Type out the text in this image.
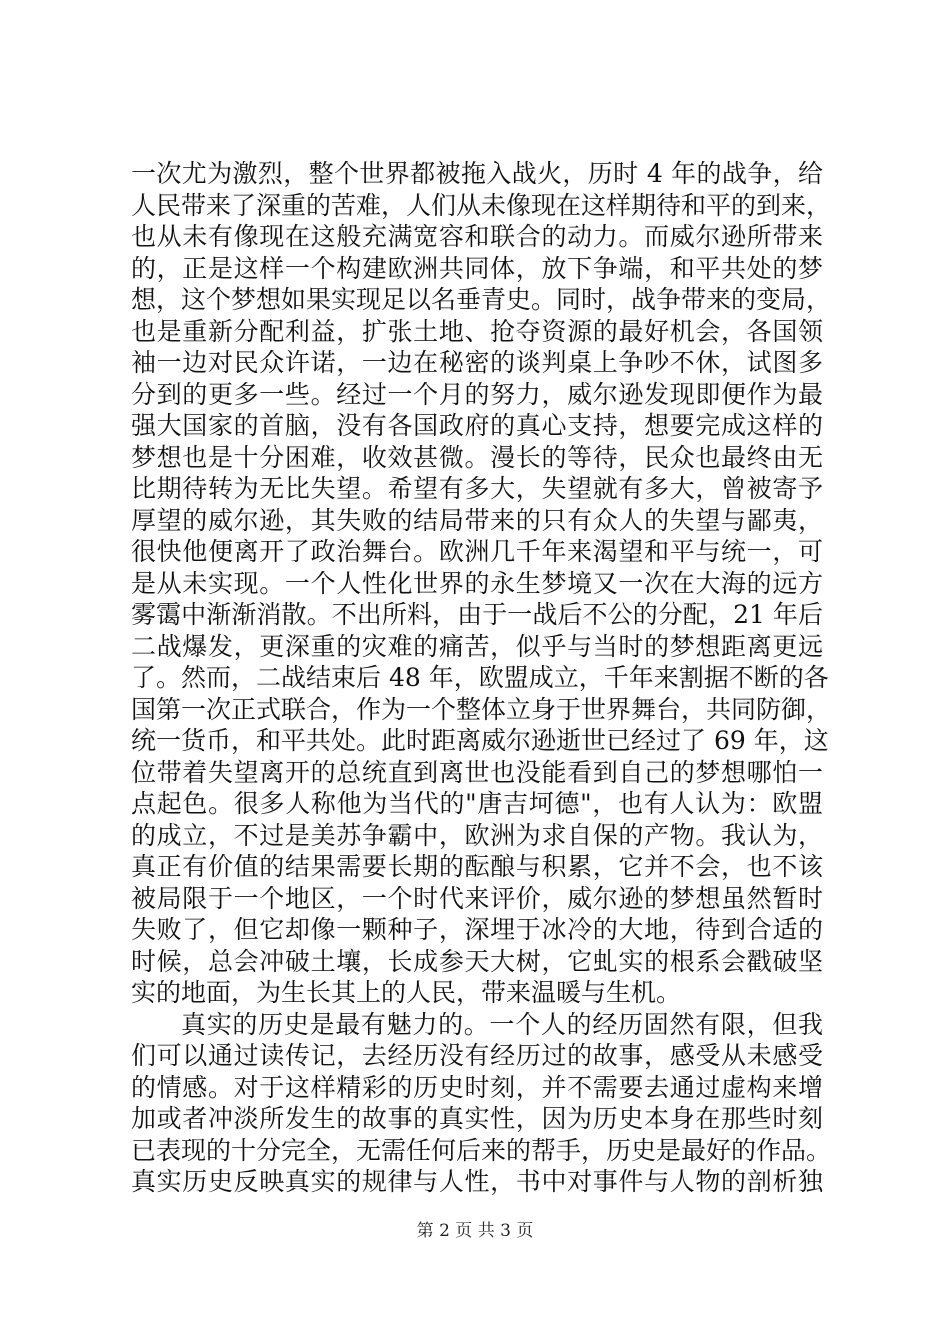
一次尤为激烈，整个世界都被拖入战火，历时 4 年的战争，给
人民带来了深重的苦难，人们从未像现在这样期待和平的到来，
也从未有像现在这般充满宽容和联合的动力。而威尔逊所带来
的，正是这样一个构建欧洲共同体，放下争端，和平共处的梦
想，这个梦想如果实现足以名垂青史。同时，战争带来的变局，
也是重新分配利益，扩张土地、抢夺资源的最好机会，各国领
袖一边对民众许诺，一边在秘密的谈判桌上争吵不休，试图多
分到的更多一些。经过一个月的努力，威尔逊发现即便作为最
强大国家的首脑，没有各国政府的真心支持，想要完成这样的
梦想也是十分困难，收效甚微。漫长的等待，民众也最终由无
比期待转为无比失望。希望有多大，失望就有多大，曾被寄予
厚望的威尔逊，其失败的结局带来的只有众人的失望与鄙夷，
很快他便离开了政治舞台。欧洲几千年来渴望和平与统一，可
是从未实现。一个人性化世界的永生梦境又一次在大海的远方
雾霭中渐渐消散。不出所料，由于一战后不公的分配，21 年后
二战爆发，更深重的灾难的痛苦，似乎与当时的梦想距离更远
了。然而，二战结束后 48 年，欧盟成立，千年来割据不断的各
国第一次正式联合，作为一个整体立身于世界舞台，共同防御，
统一货币，和平共处。此时距离威尔逊逝世已经过了 69 年，这
位带着失望离开的总统直到离世也没能看到自己的梦想哪怕一
点起色。很多人称他为当代的"唐吉坷德"，也有人认为：欧盟
的成立，不过是美苏争霸中，欧洲为求自保的产物。我认为，
真正有价值的结果需要长期的酝酿与积累，它并不会，也不该
被局限于一个地区，一个时代来评价，威尔逊的梦想虽然暂时
失败了，但它却像一颗种子，深埋于冰冷的大地，待到合适的
时候，总会冲破土壤，长成参天大树，它虬实的根系会戳破坚
实的地面，为生长其上的人民，带来温暖与生机。
真实的历史是最有魅力的。一个人的经历固然有限，但我
们可以通过读传记，去经历没有经历过的故事，感受从未感受
的情感。对于这样精彩的历史时刻，并不需要去通过虚构来增
加或者冲淡所发生的故事的真实性，因为历史本身在那些时刻
已表现的十分完全，无需任何后来的帮手，历史是最好的作品。
真实历史反映真实的规律与人性，书中对事件与人物的剖析独
第 2 页 共 3 页
